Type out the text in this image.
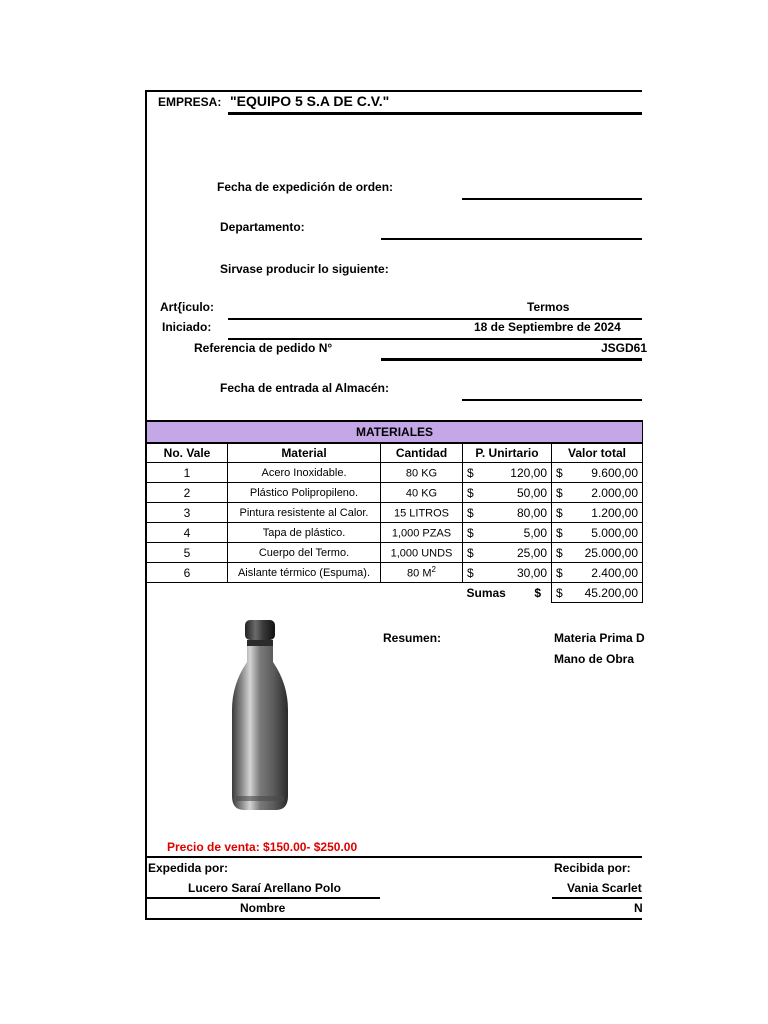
EMPRESA: "EQUIPO 5 S.A DE C.V."
Fecha de expedición de orden:
Departamento:
Sirvase producir lo siguiente:
Art{iculo:	Termos
Iniciado:	18 de Septiembre de 2024
Referencia de pedido N°	JSGD61
Fecha de entrada al Almacén:
MATERIALES				
No. Vale	Material	Cantidad	P. Unirtario	Valor total
1	Acero Inoxidable.	80 KG	$ 120,00	$ 9.600,00

2	Plástico Polipropileno.	40 KG	$ 50,00	$ 2.000,00

3	Pintura resistente al Calor.	15 LITROS	$ 80,00	$ 1.200,00

4	Tapa de plástico.	1,000 PZAS	$ 5,00	$ 5.000,00

5	Cuerpo del Termo.	1,000 UNDS	$ 25,00	$ 25.000,00

6	Aislante térmico (Espuma).	80 $M^2$	$ 30,00	$ 2.400,00

			Sumas $	$ 45.200,00
Resumen:	Materia Prima D
Mano de Obra
Precio de venta: $150.00- $250.00
Expedida por:	Recibida por:
Lucero Saraí Arellano Polo	Vania Scarlet
Nombre	N
